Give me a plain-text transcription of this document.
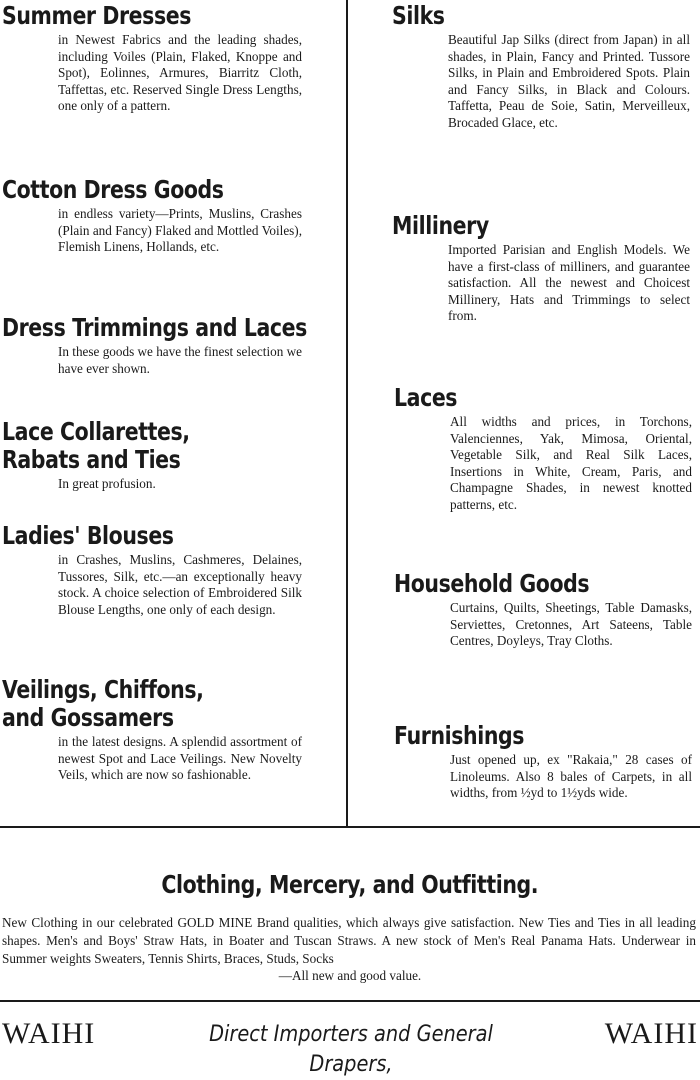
Summer Dresses

in Newest Fabrics and the leading shades, including Voiles (Plain, Flaked, Knoppe and Spot), Eolinnes, Armures, Biarritz Cloth, Taffettas, etc. Reserved Single Dress Lengths, one only of a pattern.

Cotton Dress Goods

in endless variety—Prints, Muslins, Crashes (Plain and Fancy) Flaked and Mottled Voiles), Flemish Linens, Hollands, etc.

Dress Trimmings and Laces

In these goods we have the finest selection we have ever shown.

Lace Collarettes,
Rabats and Ties

In great profusion.

Ladies' Blouses

in Crashes, Muslins, Cashmeres, Delaines, Tussores, Silk, etc.—an exceptionally heavy stock. A choice selection of Embroidered Silk Blouse Lengths, one only of each design.

Veilings, Chiffons,
and Gossamers

in the latest designs. A splendid assortment of newest Spot and Lace Veilings. New Novelty Veils, which are now so fashionable.

Silks

Beautiful Jap Silks (direct from Japan) in all shades, in Plain, Fancy and Printed. Tussore Silks, in Plain and Embroidered Spots. Plain and Fancy Silks, in Black and Colours. Taffetta, Peau de Soie, Satin, Merveilleux, Brocaded Glace, etc.

Millinery

Imported Parisian and English Models. We have a first-class of milliners, and guarantee satisfaction. All the newest and Choicest Millinery, Hats and Trimmings to select from.

Laces

All widths and prices, in Torchons, Valenciennes, Yak, Mimosa, Oriental, Vegetable Silk, and Real Silk Laces, Insertions in White, Cream, Paris, and Champagne Shades, in newest knotted patterns, etc.

Household Goods

Curtains, Quilts, Sheetings, Table Damasks, Serviettes, Cretonnes, Art Sateens, Table Centres, Doyleys, Tray Cloths.

Furnishings

Just opened up, ex "Rakaia," 28 cases of Linoleums. Also 8 bales of Carpets, in all widths, from ½yd to 1½yds wide.

Clothing, Mercery, and Outfitting.

New Clothing in our celebrated GOLD MINE Brand qualities, which always give satisfaction. New Ties and Ties in all leading shapes. Men's and Boys' Straw Hats, in Boater and Tuscan Straws. A new stock of Men's Real Panama Hats. Underwear in Summer weights Sweaters, Tennis Shirts, Braces, Studs, Socks

—All new and good value.
WAIHI	Direct Importers and General Drapers,
WAIHI
